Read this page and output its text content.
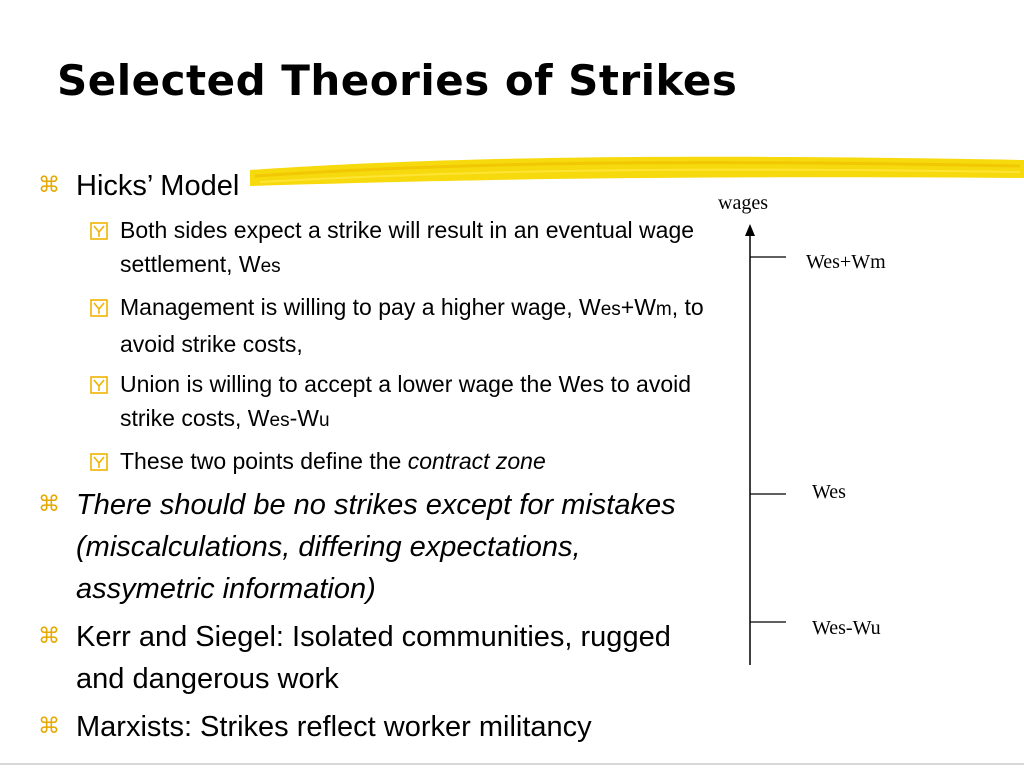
Selected Theories of Strikes
⌘ Hicks’ Model
Both sides expect a strike will result in an eventual wage settlement, Wes
Management is willing to pay a higher wage, Wes+Wm, to avoid strike costs,
Union is willing to accept a lower wage the Wes to avoid strike costs, Wes-Wu
These two points define the contract zone
⌘ There should be no strikes except for mistakes (miscalculations, differing expectations, assymetric information)
⌘ Kerr and Siegel: Isolated communities, rugged and dangerous work
⌘ Marxists: Strikes reflect worker militancy
wages
Wes+Wm
Wes
Wes-Wu
